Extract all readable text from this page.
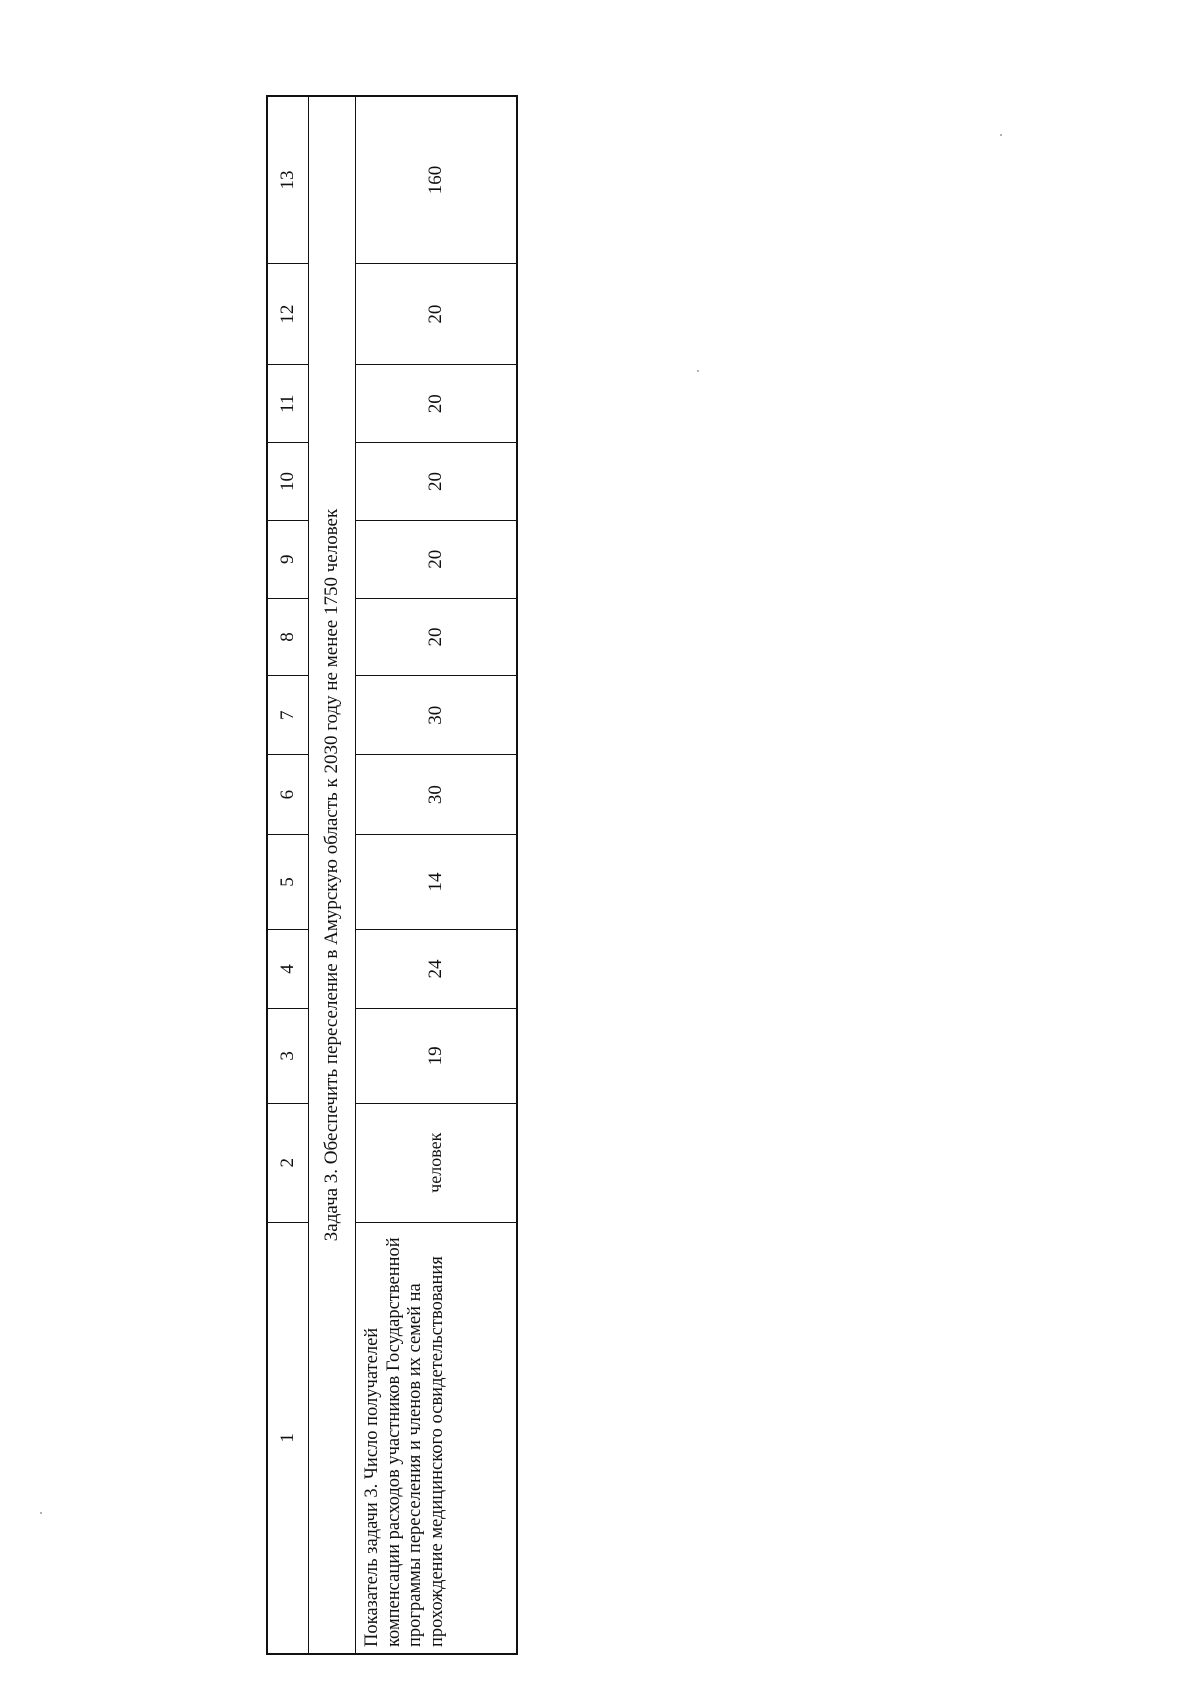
1	2	3	4	5	6	7	8	9	10	11	12	13
Задача 3. Обеспечить переселение в Амурскую область к 2030 году не менее 1750 человек												
Показатель задачи 3. Число получателей компенсации расходов участников Государственной программы переселения и членов их семей на прохождение медицинского освидетельствования	человек	19	24	14	30	30	20	20	20	20	20	160
